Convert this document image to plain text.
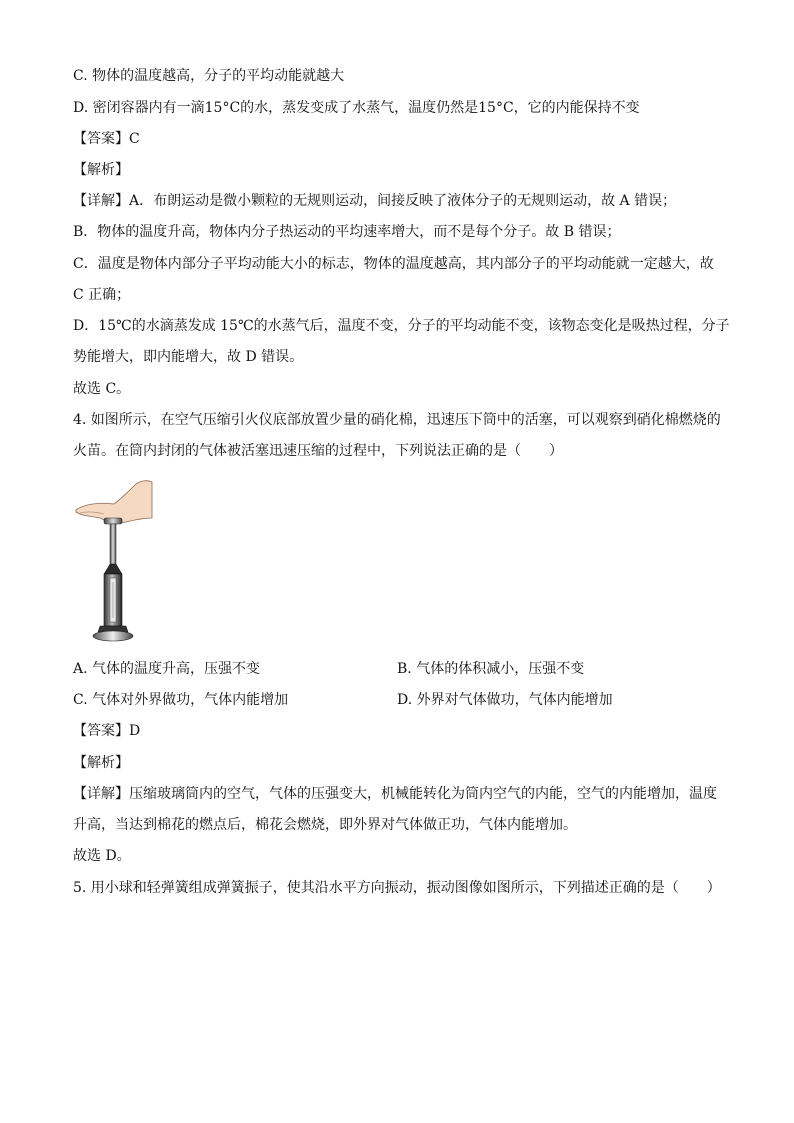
C. 物体的温度越高，分子的平均动能就越大
D. 密闭容器内有一滴15°C的水，蒸发变成了水蒸气，温度仍然是15°C，它的内能保持不变
【答案】C
【解析】
【详解】A．布朗运动是微小颗粒的无规则运动，间接反映了液体分子的无规则运动，故 A 错误；
B．物体的温度升高，物体内分子热运动的平均速率增大，而不是每个分子。故 B 错误；
C．温度是物体内部分子平均动能大小的标志，物体的温度越高，其内部分子的平均动能就一定越大，故
C 正确；
D．15℃的水滴蒸发成 15℃的水蒸气后，温度不变，分子的平均动能不变，该物态变化是吸热过程，分子
势能增大，即内能增大，故 D 错误。
故选 C。
4. 如图所示，在空气压缩引火仪底部放置少量的硝化棉，迅速压下筒中的活塞，可以观察到硝化棉燃烧的
火苗。在筒内封闭的气体被活塞迅速压缩的过程中，下列说法正确的是（　　）
A. 气体的温度升高，压强不变	B. 气体的体积减小，压强不变
C. 气体对外界做功，气体内能增加	D. 外界对气体做功，气体内能增加
【答案】D
【解析】
【详解】压缩玻璃筒内的空气，气体的压强变大，机械能转化为筒内空气的内能，空气的内能增加，温度
升高，当达到棉花的燃点后，棉花会燃烧，即外界对气体做正功，气体内能增加。
故选 D。
5. 用小球和轻弹簧组成弹簧振子，使其沿水平方向振动，振动图像如图所示，下列描述正确的是（　　）
